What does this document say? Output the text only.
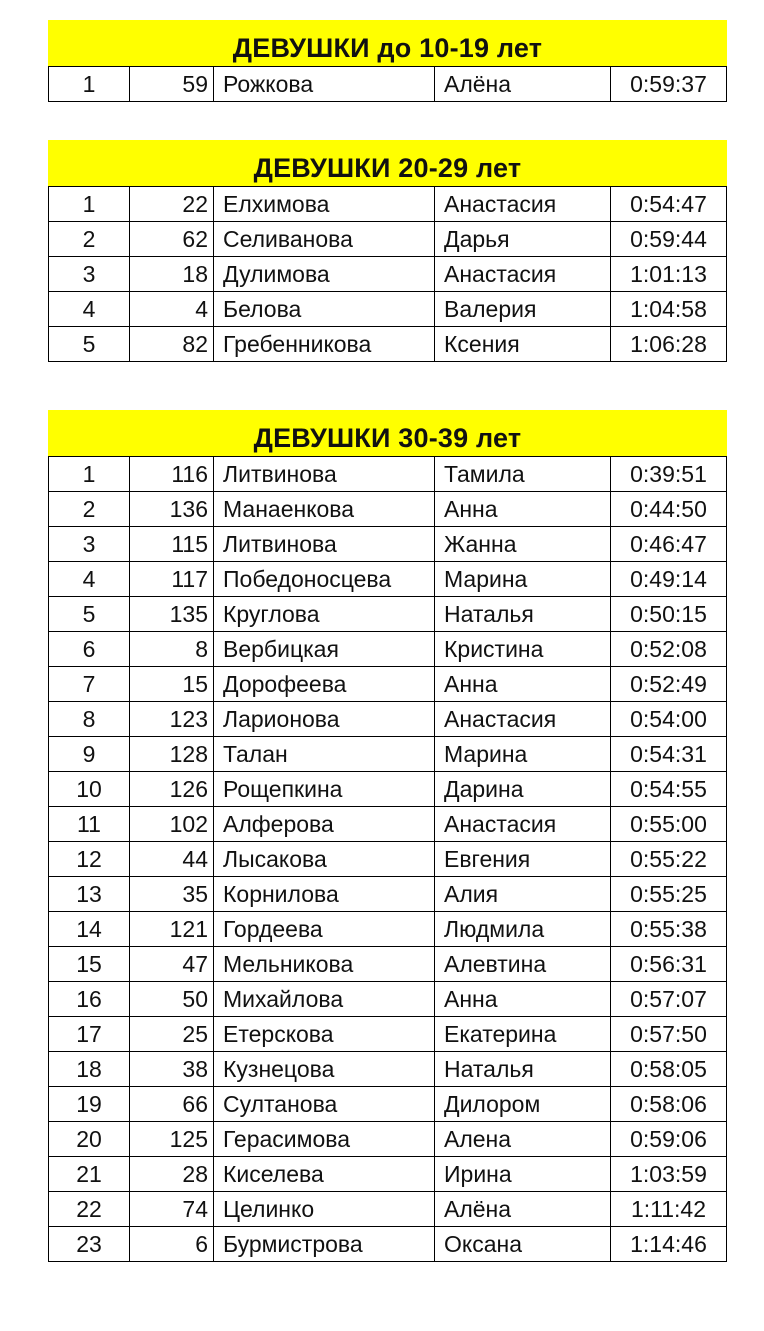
ДЕВУШКИ до 10-19 лет
1	59	Рожкова	Алёна	0:59:37
ДЕВУШКИ 20-29 лет
1	22	Елхимова	Анастасия	0:54:47
2	62	Селиванова	Дарья	0:59:44
3	18	Дулимова	Анастасия	1:01:13
4	4	Белова	Валерия	1:04:58
5	82	Гребенникова	Ксения	1:06:28
ДЕВУШКИ 30-39 лет
1	116	Литвинова	Тамила	0:39:51
2	136	Манаенкова	Анна	0:44:50
3	115	Литвинова	Жанна	0:46:47
4	117	Победоносцева	Марина	0:49:14
5	135	Круглова	Наталья	0:50:15
6	8	Вербицкая	Кристина	0:52:08
7	15	Дорофеева	Анна	0:52:49
8	123	Ларионова	Анастасия	0:54:00
9	128	Талан	Марина	0:54:31
10	126	Рощепкина	Дарина	0:54:55
11	102	Алферова	Анастасия	0:55:00
12	44	Лысакова	Евгения	0:55:22
13	35	Корнилова	Алия	0:55:25
14	121	Гордеева	Людмила	0:55:38
15	47	Мельникова	Алевтина	0:56:31
16	50	Михайлова	Анна	0:57:07
17	25	Етерскова	Екатерина	0:57:50
18	38	Кузнецова	Наталья	0:58:05
19	66	Султанова	Дилором	0:58:06
20	125	Герасимова	Алена	0:59:06
21	28	Киселева	Ирина	1:03:59
22	74	Целинко	Алёна	1:11:42
23	6	Бурмистрова	Оксана	1:14:46
